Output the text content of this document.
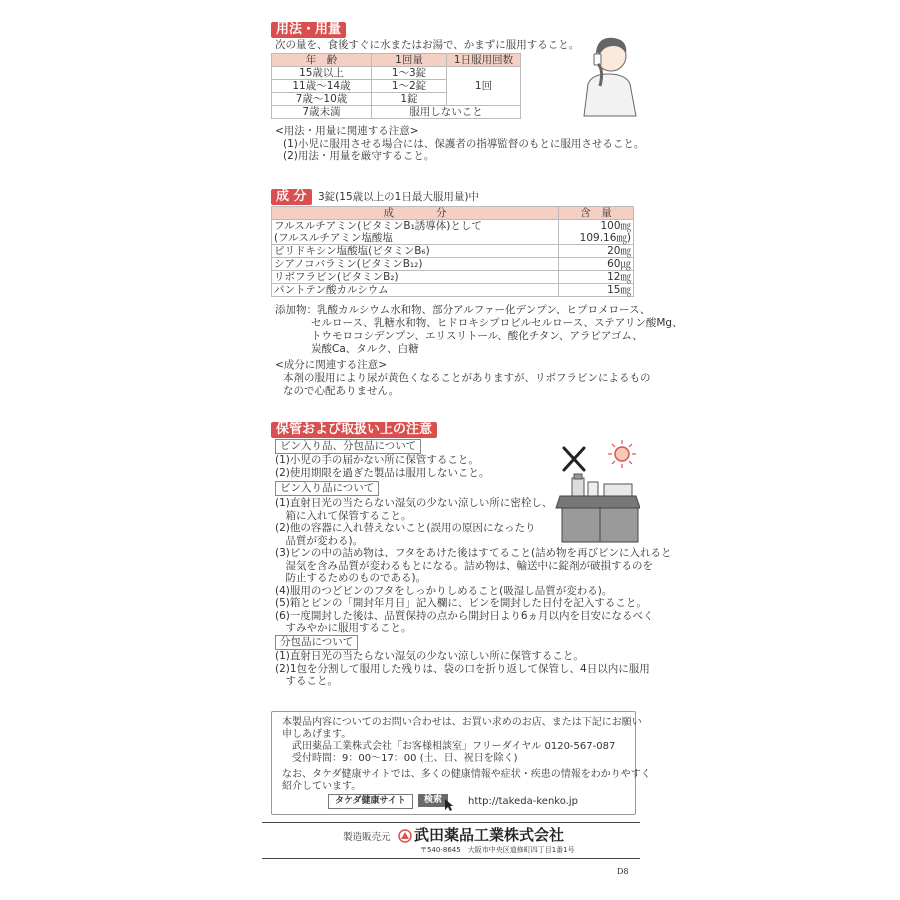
用法・用量
次の量を、食後すぐに水またはお湯で、かまずに服用すること。
年　齢	1回量	1日服用回数
15歳以上	1～3錠	1回
11歳～14歳	1～2錠	
7歳～10歳	1錠	
7歳未満	服用しないこと	
<用法・用量に関連する注意>
(1)小児に服用させる場合には、保護者の指導監督のもとに服用させること。
(2)用法・用量を厳守すること。
成 分	3錠(15歳以上の1日最大服用量)中
成　　　　分	含　量
フルスルチアミン(ビタミンB₁誘導体)として	100㎎
(フルスルチアミン塩酸塩	109.16㎎)
ピリドキシン塩酸塩(ビタミンB₆)	20㎎
シアノコバラミン(ビタミンB₁₂)	60㎍
リボフラビン(ビタミンB₂)	12㎎
パントテン酸カルシウム	15㎎
添加物：乳酸カルシウム水和物、部分アルファー化デンプン、ヒプロメロース、
セルロース、乳糖水和物、ヒドロキシプロピルセルロース、ステアリン酸Mg、
トウモロコシデンプン、エリスリトール、酸化チタン、アラビアゴム、
炭酸Ca、タルク、白糖
<成分に関連する注意>
本剤の服用により尿が黄色くなることがありますが、リボフラビンによるもの
なので心配ありません。
保管および取扱い上の注意
ビン入り品、分包品について
(1)小児の手の届かない所に保管すること。
(2)使用期限を過ぎた製品は服用しないこと。
ビン入り品について
(1)直射日光の当たらない湿気の少ない涼しい所に密栓し、
　箱に入れて保管すること。
(2)他の容器に入れ替えないこと(誤用の原因になったり
　品質が変わる)。
(3)ビンの中の詰め物は、フタをあけた後はすてること(詰め物を再びビンに入れると
　湿気を含み品質が変わるもとになる。詰め物は、輸送中に錠剤が破損するのを
　防止するためのものである)。
(4)服用のつどビンのフタをしっかりしめること(吸湿し品質が変わる)。
(5)箱とビンの「開封年月日」記入欄に、ビンを開封した日付を記入すること。
(6)一度開封した後は、品質保持の点から開封日より6ヵ月以内を目安になるべく
　すみやかに服用すること。
分包品について
(1)直射日光の当たらない湿気の少ない涼しい所に保管すること。
(2)1包を分割して服用した残りは、袋の口を折り返して保管し、4日以内に服用
　すること。
本製品内容についてのお問い合わせは、お買い求めのお店、または下記にお願い
申しあげます。
　武田薬品工業株式会社「お客様相談室」フリーダイヤル 0120-567-087
　受付時間：9：00～17：00 (土、日、祝日を除く)
なお、タケダ健康サイトでは、多くの健康情報や症状・疾患の情報をわかりやすく
紹介しています。
タケダ健康サイト	検索	http://takeda-kenko.jp
製造販売元 武田薬品工業株式会社
〒540-8645　大阪市中央区道修町四丁目1番1号
D8
